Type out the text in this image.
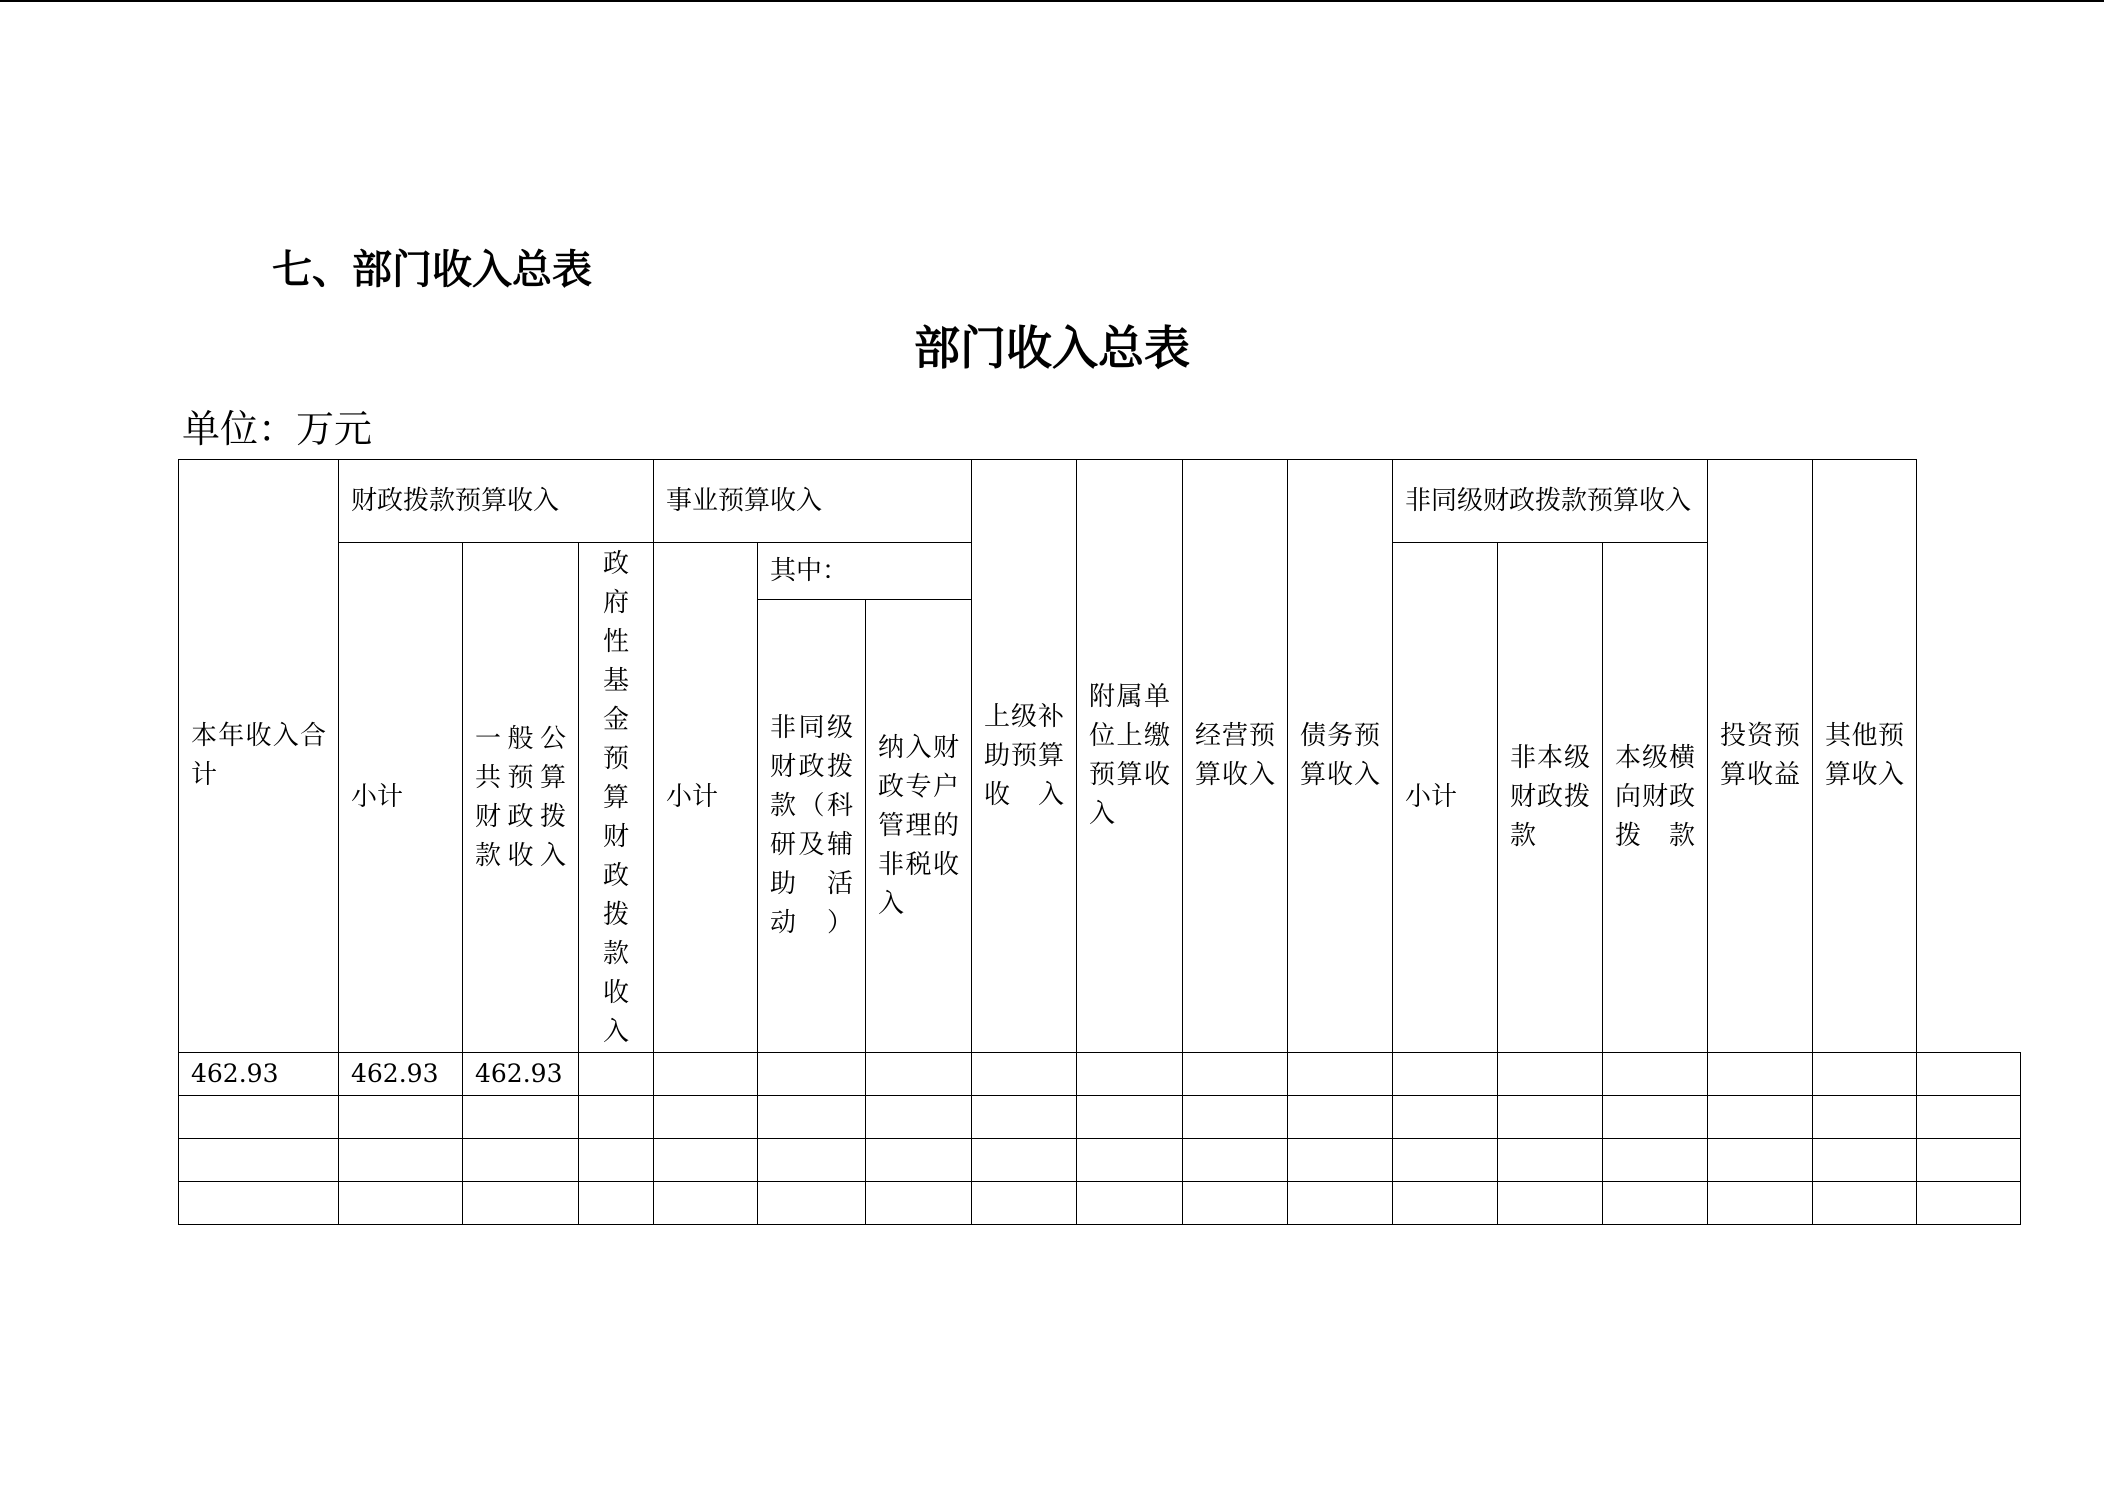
七、部门收入总表
部门收入总表
单位：万元
本年收入合计	财政拨款预算收入			事业预算收入			上级补助预算收入	附属单位上缴预算收入	经营预算收入	债务预算收入	非同级财政拨款预算收入			投资预算收益	其他预算收入	

	小计	一般公共预算财政拨款收入	政府性基金预算财政拨款收入	小计	其中：						小计	非本级财政拨款	本级横向财政拨款			

					非同级财政拨款（科研及辅助活动）	纳入财政专户管理的非税收入										

462.93	462.93	462.93														
